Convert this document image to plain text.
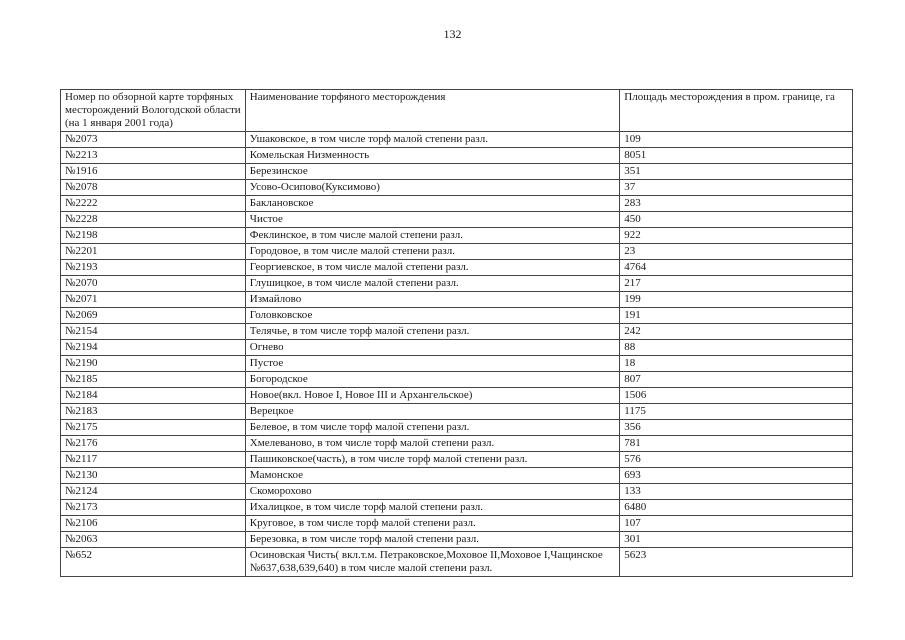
132
Номер по обзорной карте торфяных месторождений Вологодской области (на 1 января 2001 года)	Наименование торфяного месторождения	Площадь месторождения в пром. границе, га
№2073	Ушаковское, в том числе торф малой степени разл.	109
№2213	Комельская Низменность	8051
№1916	Березинское	351
№2078	Усово-Осипово(Куксимово)	37
№2222	Баклановское	283
№2228	Чистое	450
№2198	Феклинское, в том числе малой степени разл.	922
№2201	Городовое, в том числе малой степени разл.	23
№2193	Георгиевское, в том числе малой степени разл.	4764
№2070	Глушицкое, в том числе малой степени разл.	217
№2071	Измайлово	199
№2069	Головковское	191
№2154	Телячье, в том числе торф малой степени разл.	242
№2194	Огнево	88
№2190	Пустое	18
№2185	Богородское	807
№2184	Новое(вкл. Новое I, Новое III и Архангельское)	1506
№2183	Верецкое	1175
№2175	Белевое, в том числе торф малой степени разл.	356
№2176	Хмелеваново, в том числе торф малой степени разл.	781
№2117	Пашиковское(часть), в том числе торф малой степени разл.	576
№2130	Мамонское	693
№2124	Скоморохово	133
№2173	Ихалицкое, в том числе торф малой степени разл.	6480
№2106	Круговое, в том числе торф малой степени разл.	107
№2063	Березовка, в том числе торф малой степени разл.	301
№652	Осиновская Чисть( вкл.т.м. Петраковское,Моховое II,Моховое I,Чащинское №637,638,639,640) в том числе малой степени разл.	5623
